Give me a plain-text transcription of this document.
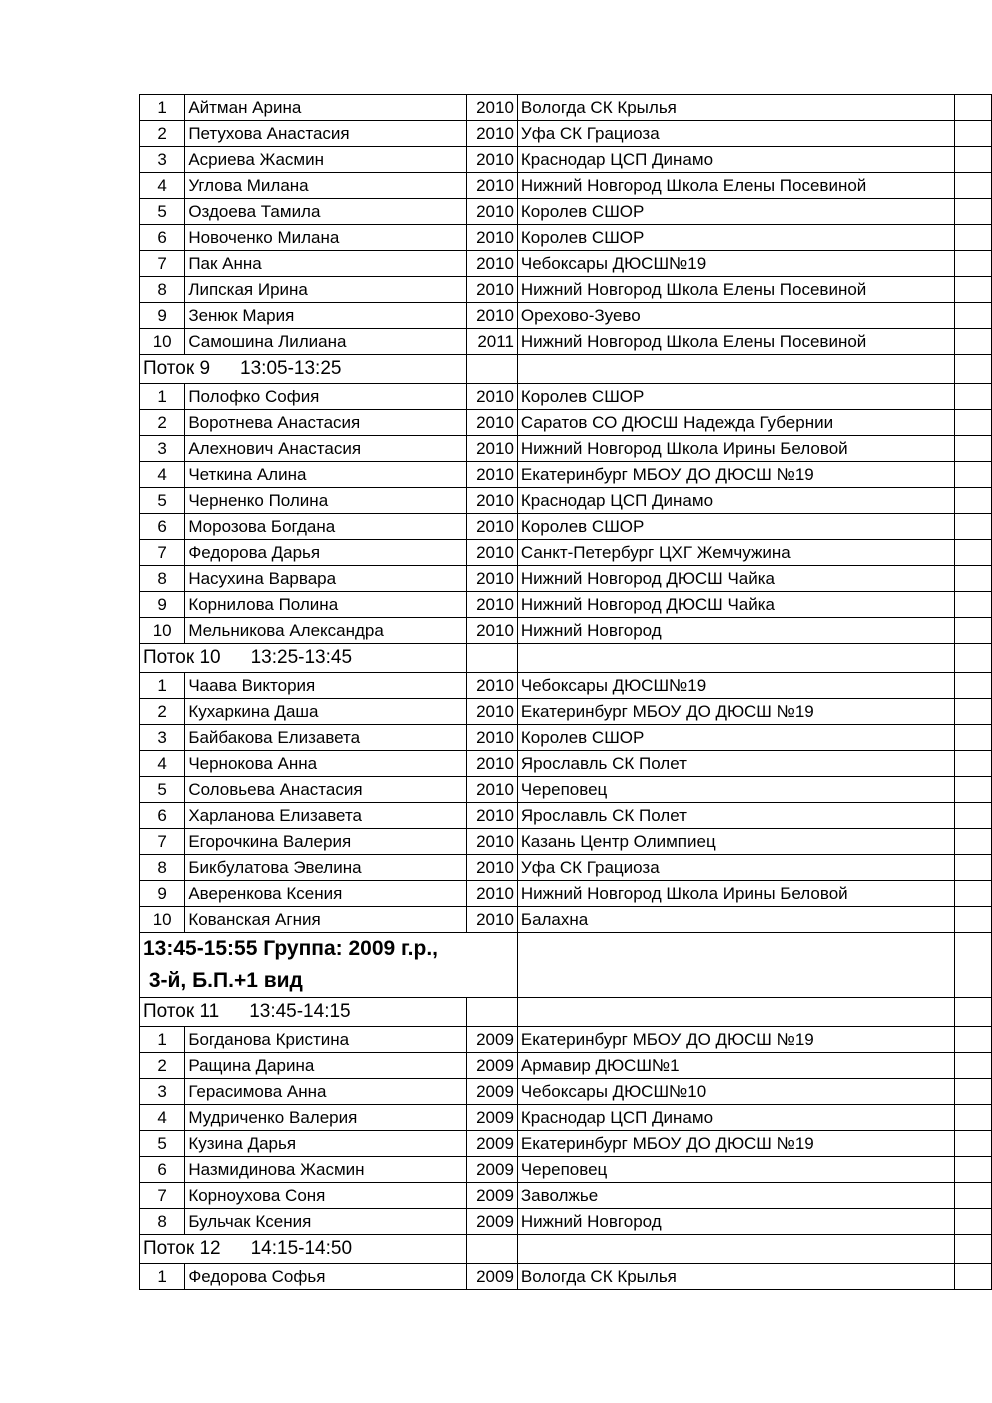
1	Айтман Арина	2010	Вологда СК Крылья	
2	Петухова Анастасия	2010	Уфа СК Грациоза	
3	Асриева Жасмин	2010	Краснодар ЦСП Динамо	
4	Углова Милана	2010	Нижний Новгород Школа Елены Посевиной	
5	Оздоева Тамила	2010	Королев СШОР	
6	Новоченко Милана	2010	Королев СШОР	
7	Пак Анна	2010	Чебоксары ДЮСШ№19	
8	Липская Ирина	2010	Нижний Новгород Школа Елены Посевиной	
9	Зенюк Мария	2010	Орехово-Зуево	
10	Самошина Лилиана	2011	Нижний Новгород Школа Елены Посевиной	
Поток 9 13:05-13:25				
1	Полофко София	2010	Королев СШОР	
2	Воротнева Анастасия	2010	Саратов СО ДЮСШ Надежда Губернии	
3	Алехнович Анастасия	2010	Нижний Новгород Школа Ирины Беловой	
4	Четкина Алина	2010	Екатеринбург МБОУ ДО ДЮСШ №19	
5	Черненко Полина	2010	Краснодар ЦСП Динамо	
6	Морозова Богдана	2010	Королев СШОР	
7	Федорова Дарья	2010	Санкт-Петербург ЦХГ Жемчужина	
8	Насухина Варвара	2010	Нижний Новгород ДЮСШ Чайка	
9	Корнилова Полина	2010	Нижний Новгород ДЮСШ Чайка	
10	Мельникова Александра	2010	Нижний Новгород	
Поток 10 13:25-13:45				
1	Чаава Виктория	2010	Чебоксары ДЮСШ№19	
2	Кухаркина Даша	2010	Екатеринбург МБОУ ДО ДЮСШ №19	
3	Байбакова Елизавета	2010	Королев СШОР	
4	Чернокова Анна	2010	Ярославль СК Полет	
5	Соловьева Анастасия	2010	Череповец	
6	Харланова Елизавета	2010	Ярославль СК Полет	
7	Егорочкина Валерия	2010	Казань Центр Олимпиец	
8	Бикбулатова Эвелина	2010	Уфа СК Грациоза	
9	Аверенкова Ксения	2010	Нижний Новгород Школа Ирины Беловой	
10	Кованская Агния	2010	Балахна	

13:45-15:55 Группа: 2009 г.р.,
3-й, Б.П.+1 вид				

Поток 11 13:45-14:15				
1	Богданова Кристина	2009	Екатеринбург МБОУ ДО ДЮСШ №19	
2	Ращина Дарина	2009	Армавир ДЮСШ№1	
3	Герасимова Анна	2009	Чебоксары ДЮСШ№10	
4	Мудриченко Валерия	2009	Краснодар ЦСП Динамо	
5	Кузина Дарья	2009	Екатеринбург МБОУ ДО ДЮСШ №19	
6	Назмидинова Жасмин	2009	Череповец	
7	Корноухова Соня	2009	Заволжье	
8	Бульчак Ксения	2009	Нижний Новгород	
Поток 12 14:15-14:50				
1	Федорова Софья	2009	Вологда СК Крылья	
